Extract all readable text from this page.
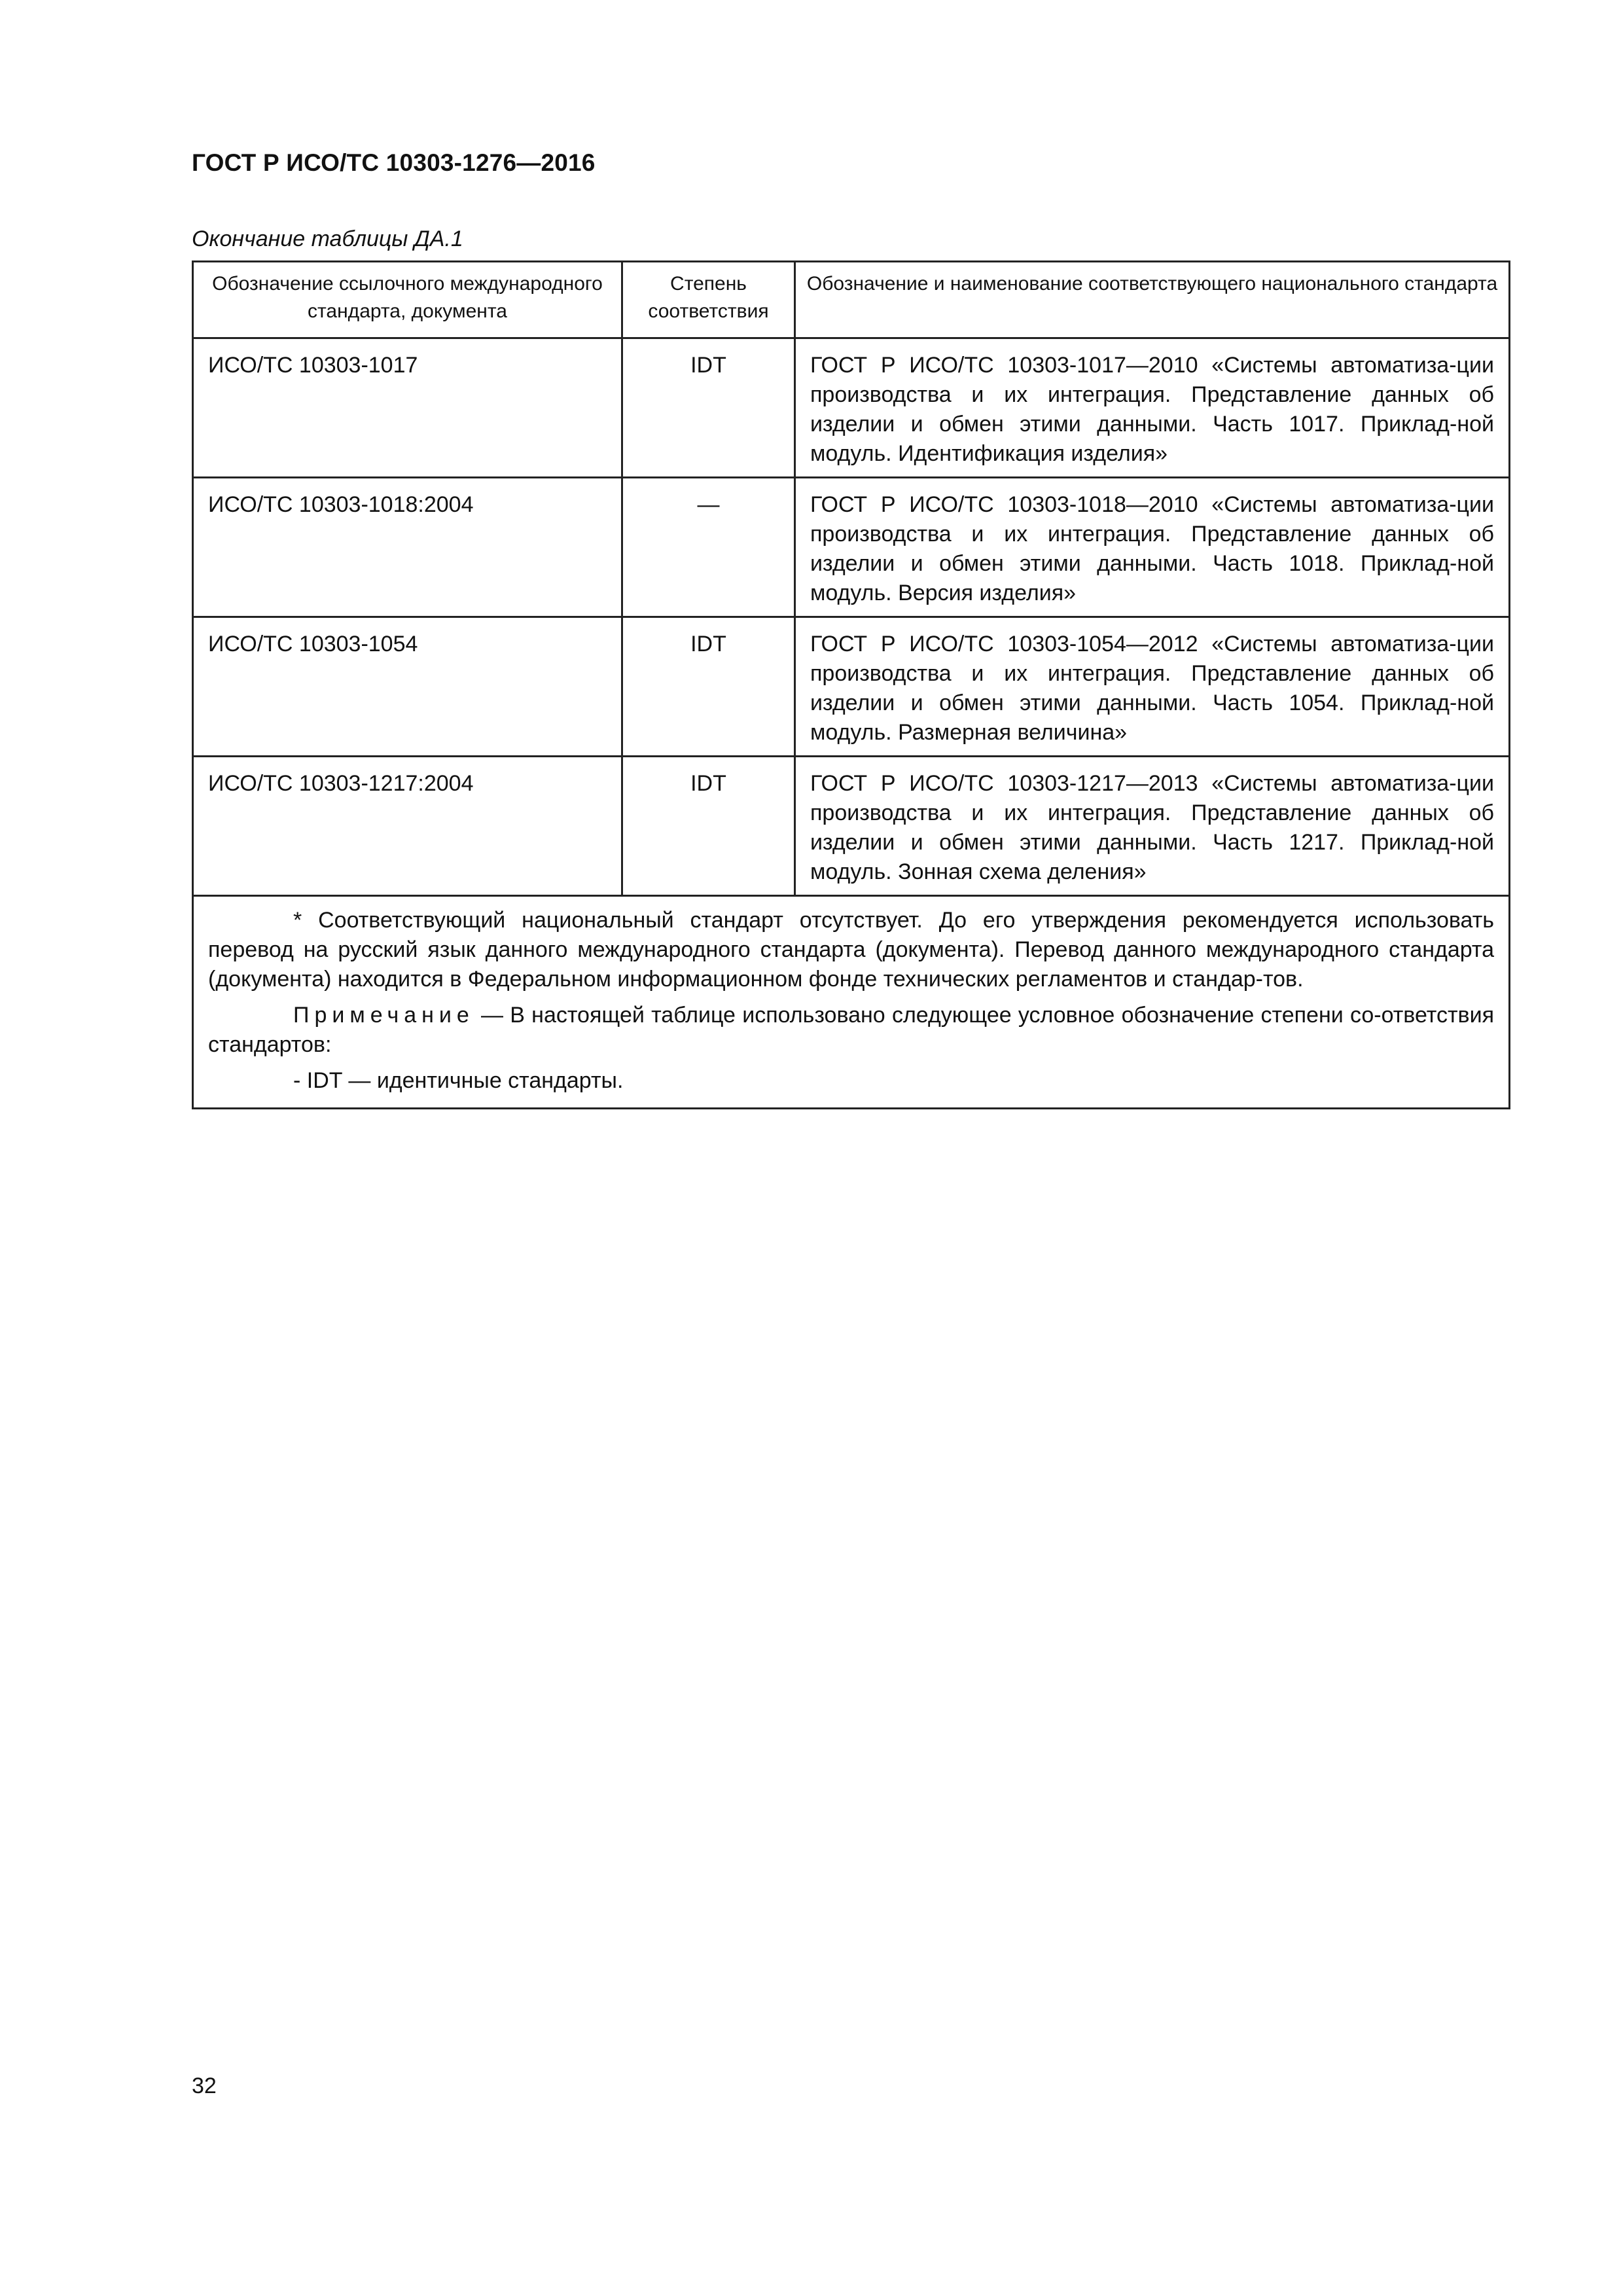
ГОСТ Р ИСО/ТС 10303-1276—2016
Окончание таблицы ДА.1
Обозначение ссылочного международного стандарта, документа	Степень соответствия	Обозначение и наименование соответствующего национального стандарта
ИСО/ТС 10303-1017	IDT	ГОСТ Р ИСО/ТС 10303-1017—2010 «Системы автоматиза-ции производства и их интеграция. Представление данных об изделии и обмен этими данными. Часть 1017. Приклад-ной модуль. Идентификация изделия»
ИСО/ТС 10303-1018:2004	—	ГОСТ Р ИСО/ТС 10303-1018—2010 «Системы автоматиза-ции производства и их интеграция. Представление данных об изделии и обмен этими данными. Часть 1018. Приклад-ной модуль. Версия изделия»
ИСО/ТС 10303-1054	IDT	ГОСТ Р ИСО/ТС 10303-1054—2012 «Системы автоматиза-ции производства и их интеграция. Представление данных об изделии и обмен этими данными. Часть 1054. Приклад-ной модуль. Размерная величина»
ИСО/ТС 10303-1217:2004	IDT	ГОСТ Р ИСО/ТС 10303-1217—2013 «Системы автоматиза-ции производства и их интеграция. Представление данных об изделии и обмен этими данными. Часть 1217. Приклад-ной модуль. Зонная схема деления»

* Соответствующий национальный стандарт отсутствует. До его утверждения рекомендуется использовать перевод на русский язык данного международного стандарта (документа). Перевод данного международного стандарта (документа) находится в Федеральном информационном фонде технических регламентов и стандар-тов.

Примечание — В настоящей таблице использовано следующее условное обозначение степени со-ответствия стандартов:

- IDT — идентичные стандарты.		

32
